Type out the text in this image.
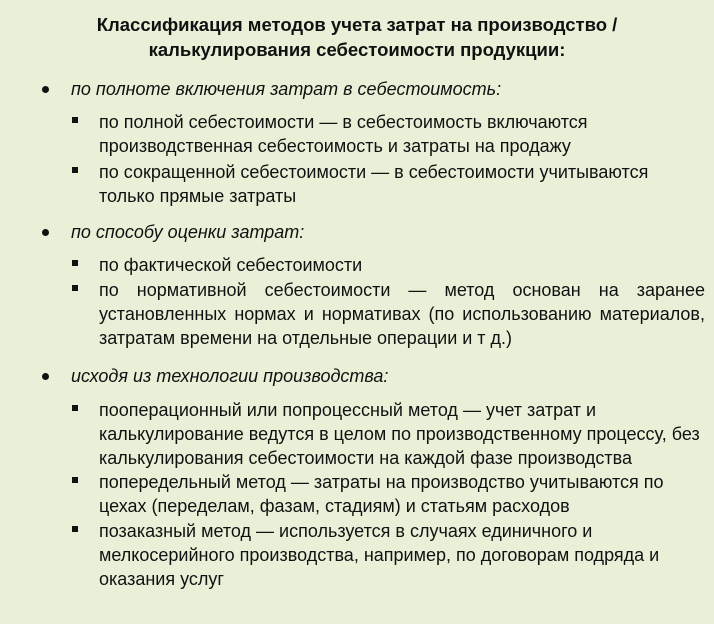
Классификация методов учета затрат на производство / калькулирования себестоимости продукции:
по полноте включения затрат в себестоимость:
по полной себестоимости — в себестоимость включаются производственная себестоимость и затраты на продажу
по сокращенной себестоимости — в себестоимости учитываются только прямые затраты
по способу оценки затрат:
по фактической себестоимости
по нормативной себестоимости — метод основан на заранее установленных нормах и нормативах (по использованию материалов, затратам времени на отдельные операции и т д.)
исходя из технологии производства:
пооперационный или попроцессный метод — учет затрат и калькулирование ведутся в целом по производственному процессу, без калькулирования себестоимости на каждой фазе производства
попередельный метод — затраты на производство учитываются по цехах (переделам, фазам, стадиям) и статьям расходов
позаказный метод — используется в случаях единичного и мелкосерийного производства, например, по договорам подряда и оказания услуг
